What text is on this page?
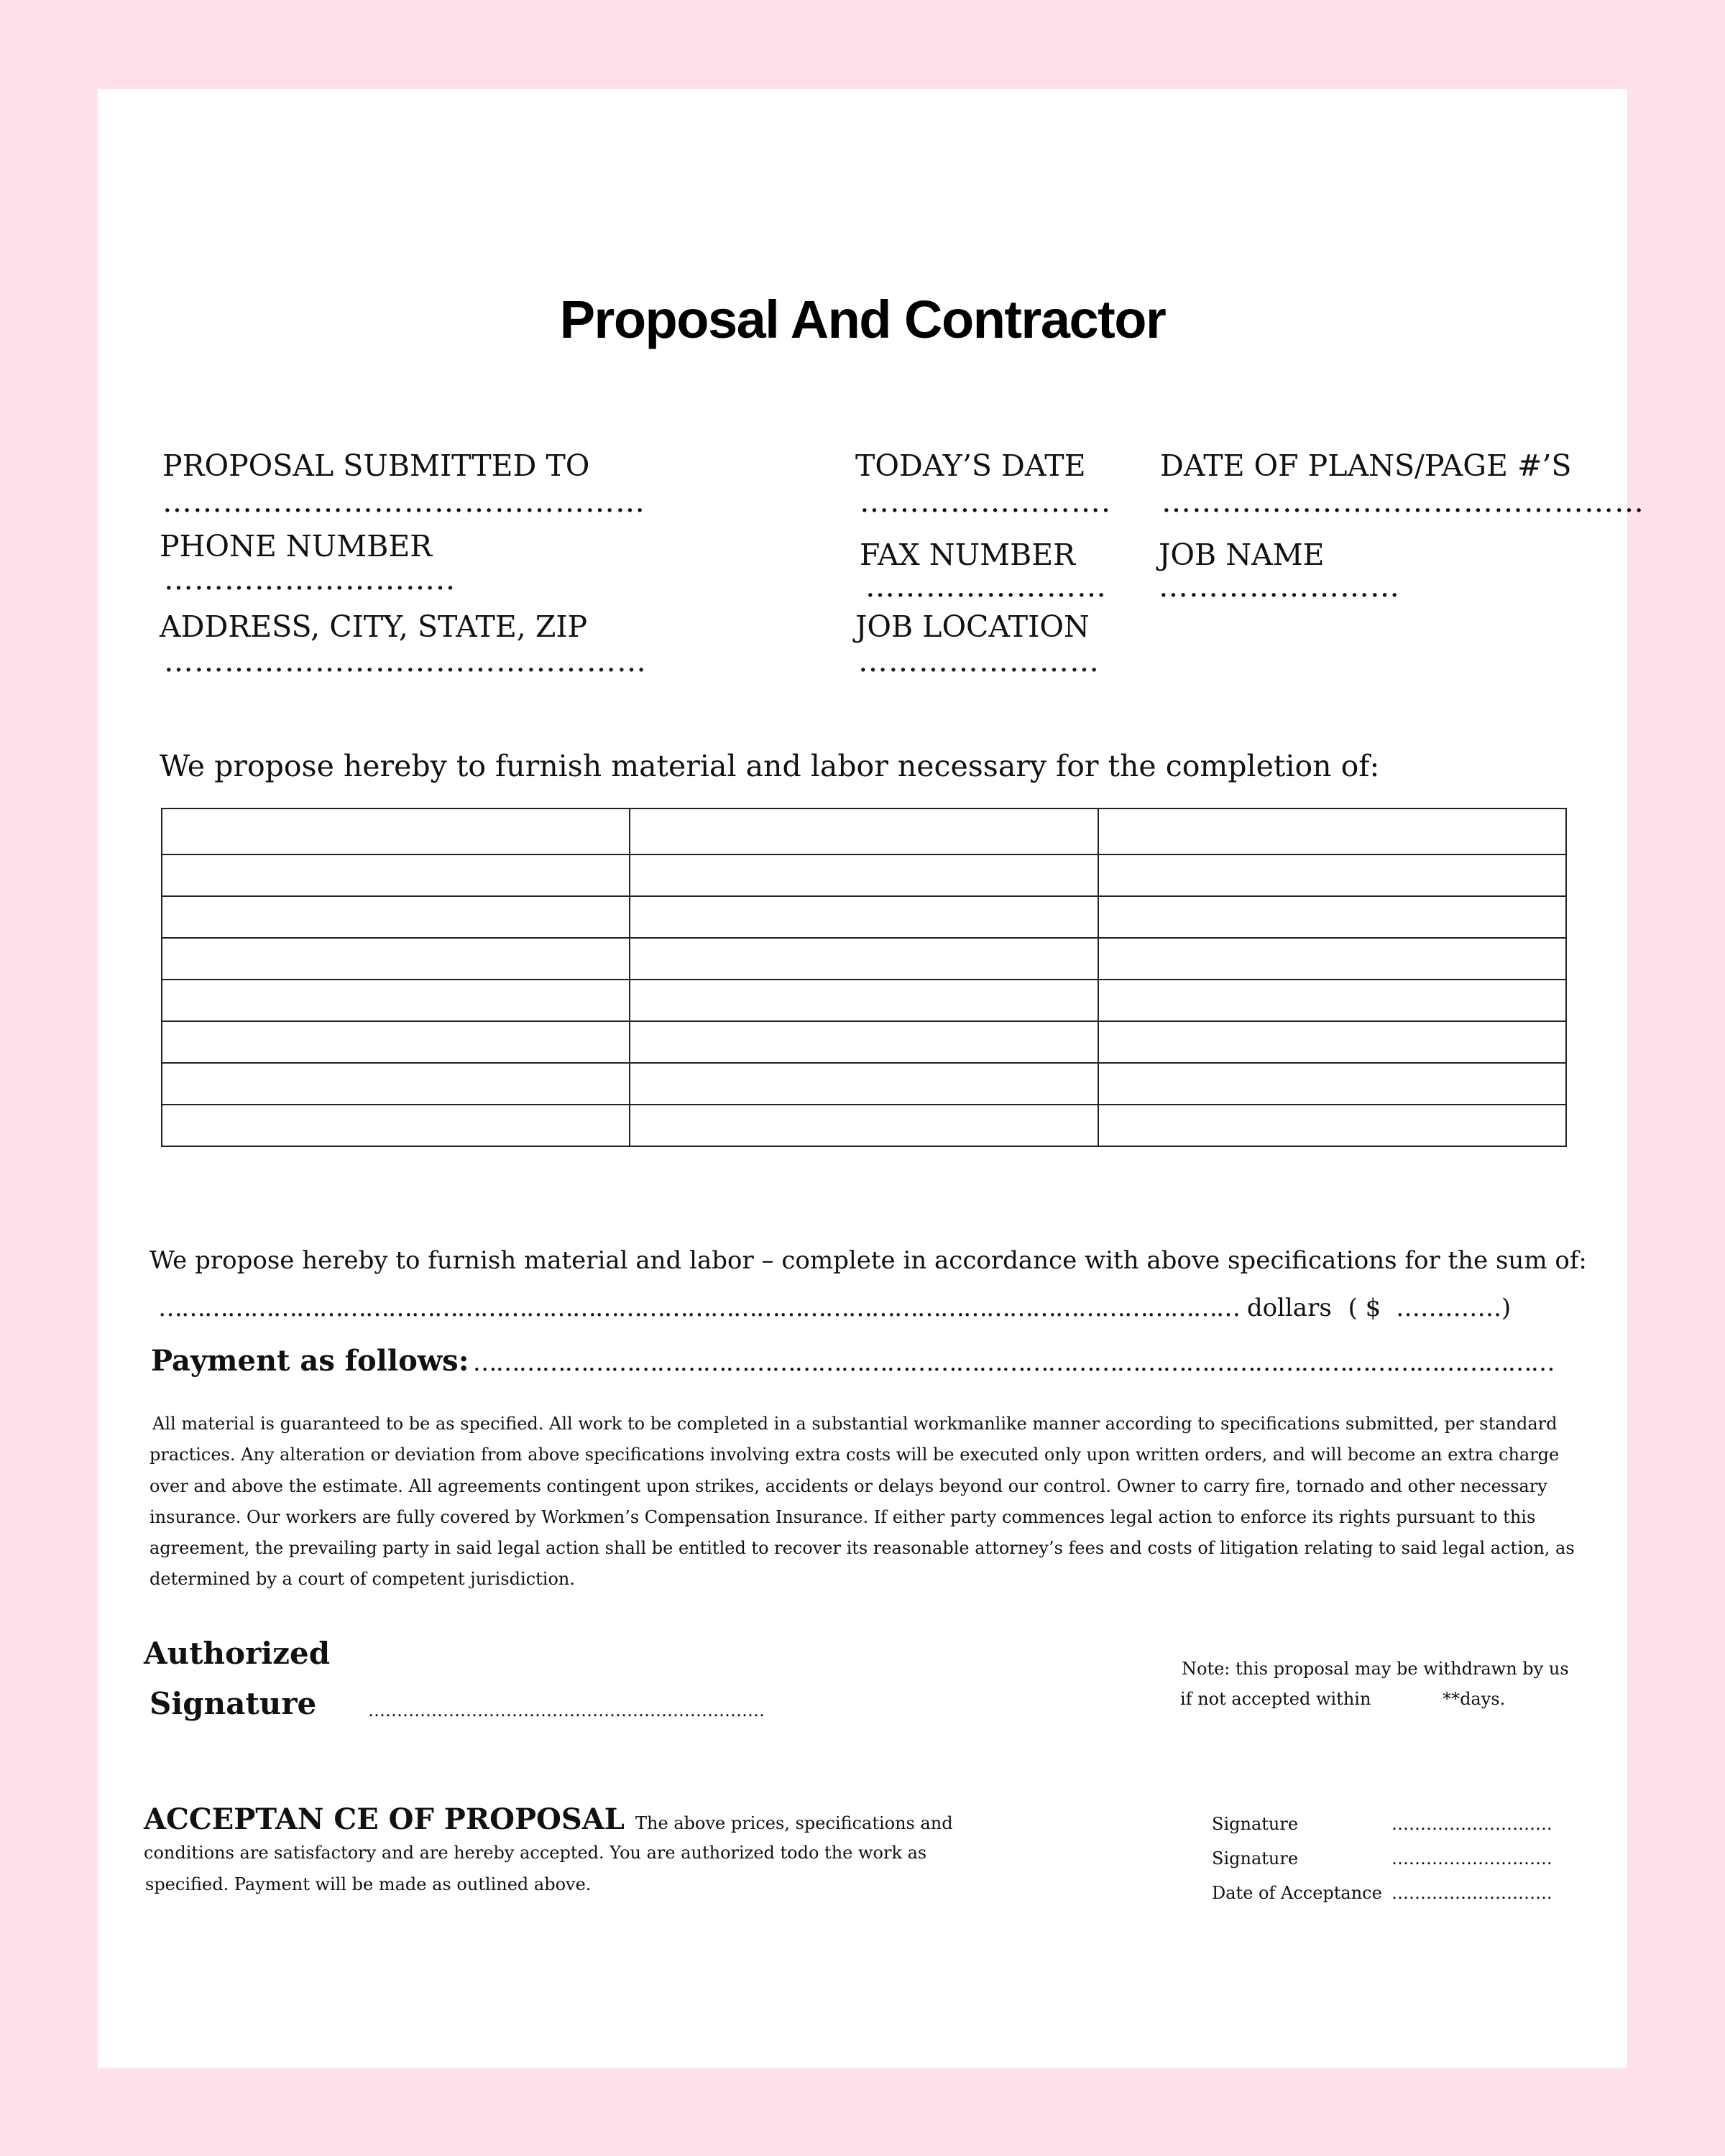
Proposal And Contractor
PROPOSAL SUBMITTED TO
…………………………………………
TODAY’S DATE
…………………….
DATE OF PLANS/PAGE #’S
…………………………………………
PHONE NUMBER
………………………..
FAX NUMBER
……………………
JOB NAME
……………………
ADDRESS, CITY, STATE, ZIP
…………………………………………
JOB LOCATION
……………………
We propose hereby to furnish material and labor necessary for the completion of:

We propose hereby to furnish material and labor – complete in accordance with above specifications for the sum of:
…………………………………………………………………………………………………………………………… dollars ( $ ………….)
Payment as follows: ……………………………………………………………………………………………………………………………
All material is guaranteed to be as specified. All work to be completed in a substantial workmanlike manner according to specifications submitted, per standard
practices. Any alteration or deviation from above specifications involving extra costs will be executed only upon written orders, and will become an extra charge
over and above the estimate. All agreements contingent upon strikes, accidents or delays beyond our control. Owner to carry fire, tornado and other necessary
insurance. Our workers are fully covered by Workmen’s Compensation Insurance. If either party commences legal action to enforce its rights pursuant to this
agreement, the prevailing party in said legal action shall be entitled to recover its reasonable attorney’s fees and costs of litigation relating to said legal action, as
determined by a court of competent jurisdiction.
Authorized
Signature	……………………………………………………………
Note: this proposal may be withdrawn by us
if not accepted within	**days.
ACCEPTAN CE OF PROPOSAL The above prices, specifications and
conditions are satisfactory and are hereby accepted. You are authorized todo the work as
specified. Payment will be made as outlined above.
Signature	……………………….
Signature	……………………….
Date of Acceptance ……………………….
